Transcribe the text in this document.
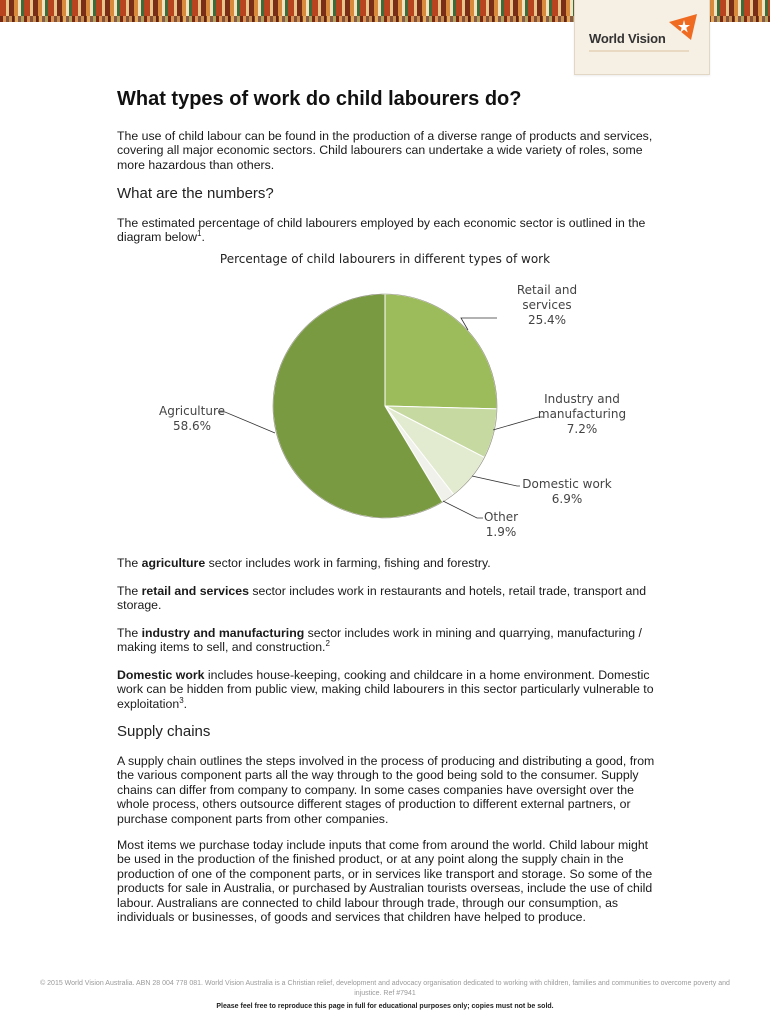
World Vision
What types of work do child labourers do?

The use of child labour can be found in the production of a diverse range of products and services, covering all major economic sectors. Child labourers can undertake a wide variety of roles, some more hazardous than others.

What are the numbers?

The estimated percentage of child labourers employed by each economic sector is outlined in the diagram below$^1$.

Percentage of child labourers in different types of work
Retail and
services
25.4%
Industry and
manufacturing
7.2%
Domestic work
6.9%
Other
1.9%
Agriculture
58.6%

The agriculture sector includes work in farming, fishing and forestry.

The retail and services sector includes work in restaurants and hotels, retail trade, transport and storage.

The industry and manufacturing sector includes work in mining and quarrying, manufacturing / making items to sell, and construction.$^2$

Domestic work includes house-keeping, cooking and childcare in a home environment. Domestic work can be hidden from public view, making child labourers in this sector particularly vulnerable to exploitation$^3$.

Supply chains

A supply chain outlines the steps involved in the process of producing and distributing a good, from the various component parts all the way through to the good being sold to the consumer. Supply chains can differ from company to company. In some cases companies have oversight over the whole process, others outsource different stages of production to different external partners, or purchase component parts from other companies.

Most items we purchase today include inputs that come from around the world. Child labour might be used in the production of the finished product, or at any point along the supply chain in the production of one of the component parts, or in services like transport and storage. So some of the products for sale in Australia, or purchased by Australian tourists overseas, include the use of child labour. Australians are connected to child labour through trade, through our consumption, as individuals or businesses, of goods and services that children have helped to produce.

© 2015 World Vision Australia. ABN 28 004 778 081. World Vision Australia is a Christian relief, development and advocacy organisation dedicated to working with children, families and communities to overcome poverty and injustice. Ref #7941
Please feel free to reproduce this page in full for educational purposes only; copies must not be sold.
